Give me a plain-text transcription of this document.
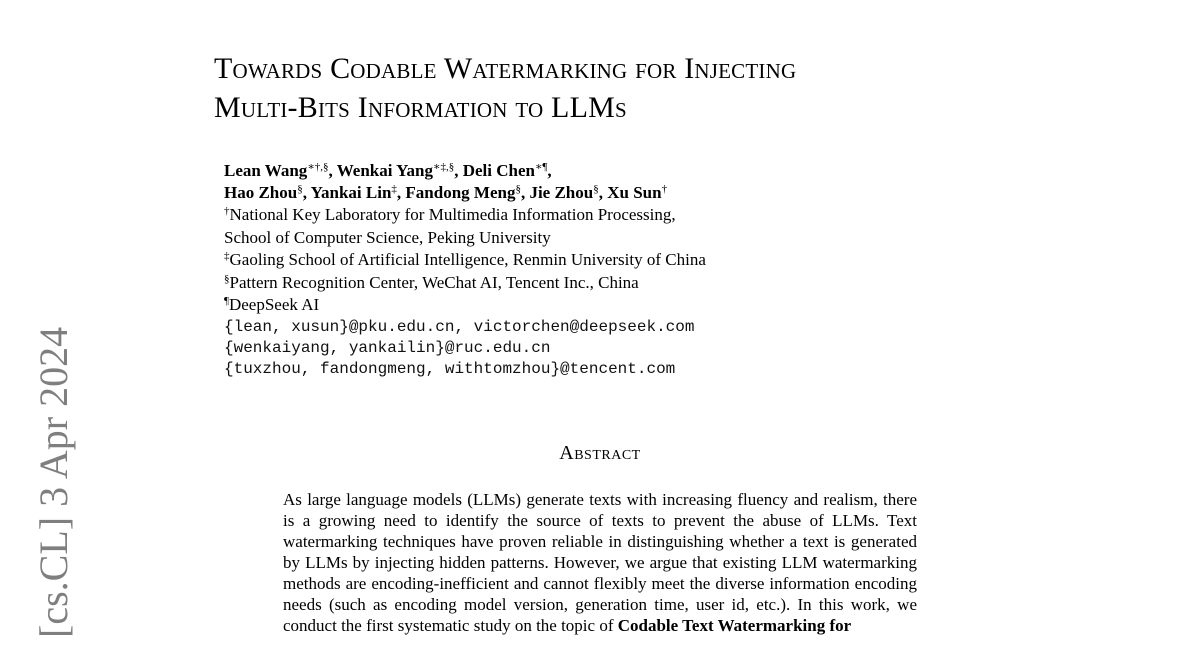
[cs.CL] 3 Apr 2024
Towards Codable Watermarking for Injecting
Multi-Bits Information to LLMs
Lean Wang∗†,§, Wenkai Yang∗‡,§, Deli Chen∗¶,
Hao Zhou§, Yankai Lin‡, Fandong Meng§, Jie Zhou§, Xu Sun†
†National Key Laboratory for Multimedia Information Processing,
School of Computer Science, Peking University
‡Gaoling School of Artificial Intelligence, Renmin University of China
§Pattern Recognition Center, WeChat AI, Tencent Inc., China
¶DeepSeek AI
{lean, xusun}@pku.edu.cn, victorchen@deepseek.com
{wenkaiyang, yankailin}@ruc.edu.cn
{tuxzhou, fandongmeng, withtomzhou}@tencent.com
Abstract

As large language models (LLMs) generate texts with increasing fluency and realism, there is a growing need to identify the source of texts to prevent the abuse of LLMs. Text watermarking techniques have proven reliable in distinguishing whether a text is generated by LLMs by injecting hidden patterns. However, we argue that existing LLM watermarking methods are encoding-inefficient and cannot flexibly meet the diverse information encoding needs (such as encoding model version, generation time, user id, etc.). In this work, we conduct the first systematic study on the topic of Codable Text Watermarking for
